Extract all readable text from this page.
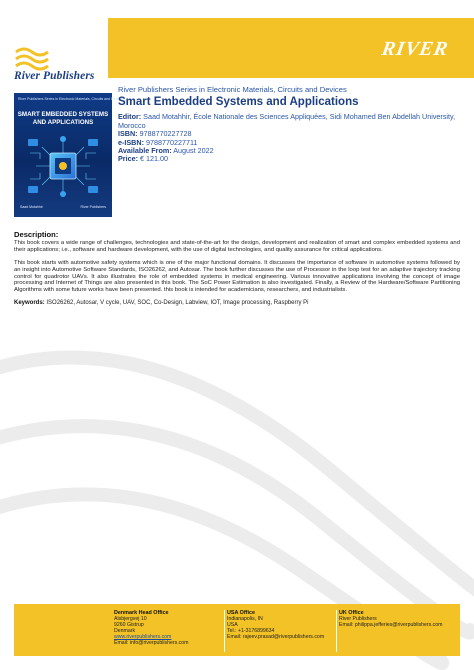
River Publishers
RIVER
River Publishers Series in Electronic Materials, Circuits and Devices
SMART EMBEDDED SYSTEMS
AND APPLICATIONS
Saad Motahhir	River Publishers
River Publishers Series in Electronic Materials, Circuits and Devices
Smart Embedded Systems and Applications
Editor: Saad Motahhir, École Nationale des Sciences Appliquées, Sidi Mohamed Ben Abdellah University, Morocco
ISBN: 9788770227728
e-ISBN: 9788770227711
Available From: August 2022
Price: € 121.00
Description:

This book covers a wide range of challenges, technologies and state-of-the-art for the design, development and realization of smart and complex embedded systems and their applications; i.e., software and hardware development, with the use of digital technologies, and quality assurance for critical applications.

This book starts with automotive safety systems which is one of the major functional domains. It discusses the importance of software in automotive systems followed by an insight into Automotive Software Standards, ISO26262, and Autosar. The book further discusses the use of Processor in the loop test for an adaptive trajectory tracking control for quadrotor UAVs. It also illustrates the role of embedded systems in medical engineering. Various innovative applications involving the concept of image processing and Internet of Things are also presented in this book. The SoC Power Estimation is also investigated. Finally, a Review of the Hardware/Software Partitioning Algorithms with some future works have been presented. this book is intended for academicians, researchers, and industrialists.

Keywords: ISO26262, Autosar, V cycle, UAV, SOC, Co-Design, Labview, IOT, Image processing, Raspberry Pi
Denmark Head Office
Alsbjergvej 10
9260 Gistrup
Denmark
www.riverpublishers.com
Email: info@riverpublishers.com
USA Office
Indianapolis, IN
USA
Tel.: +1-3176899634
Email: rajeev.prasad@riverpublishers.com
UK Office
River Publishers
Email: philippa.jefferies@riverpublishers.com
